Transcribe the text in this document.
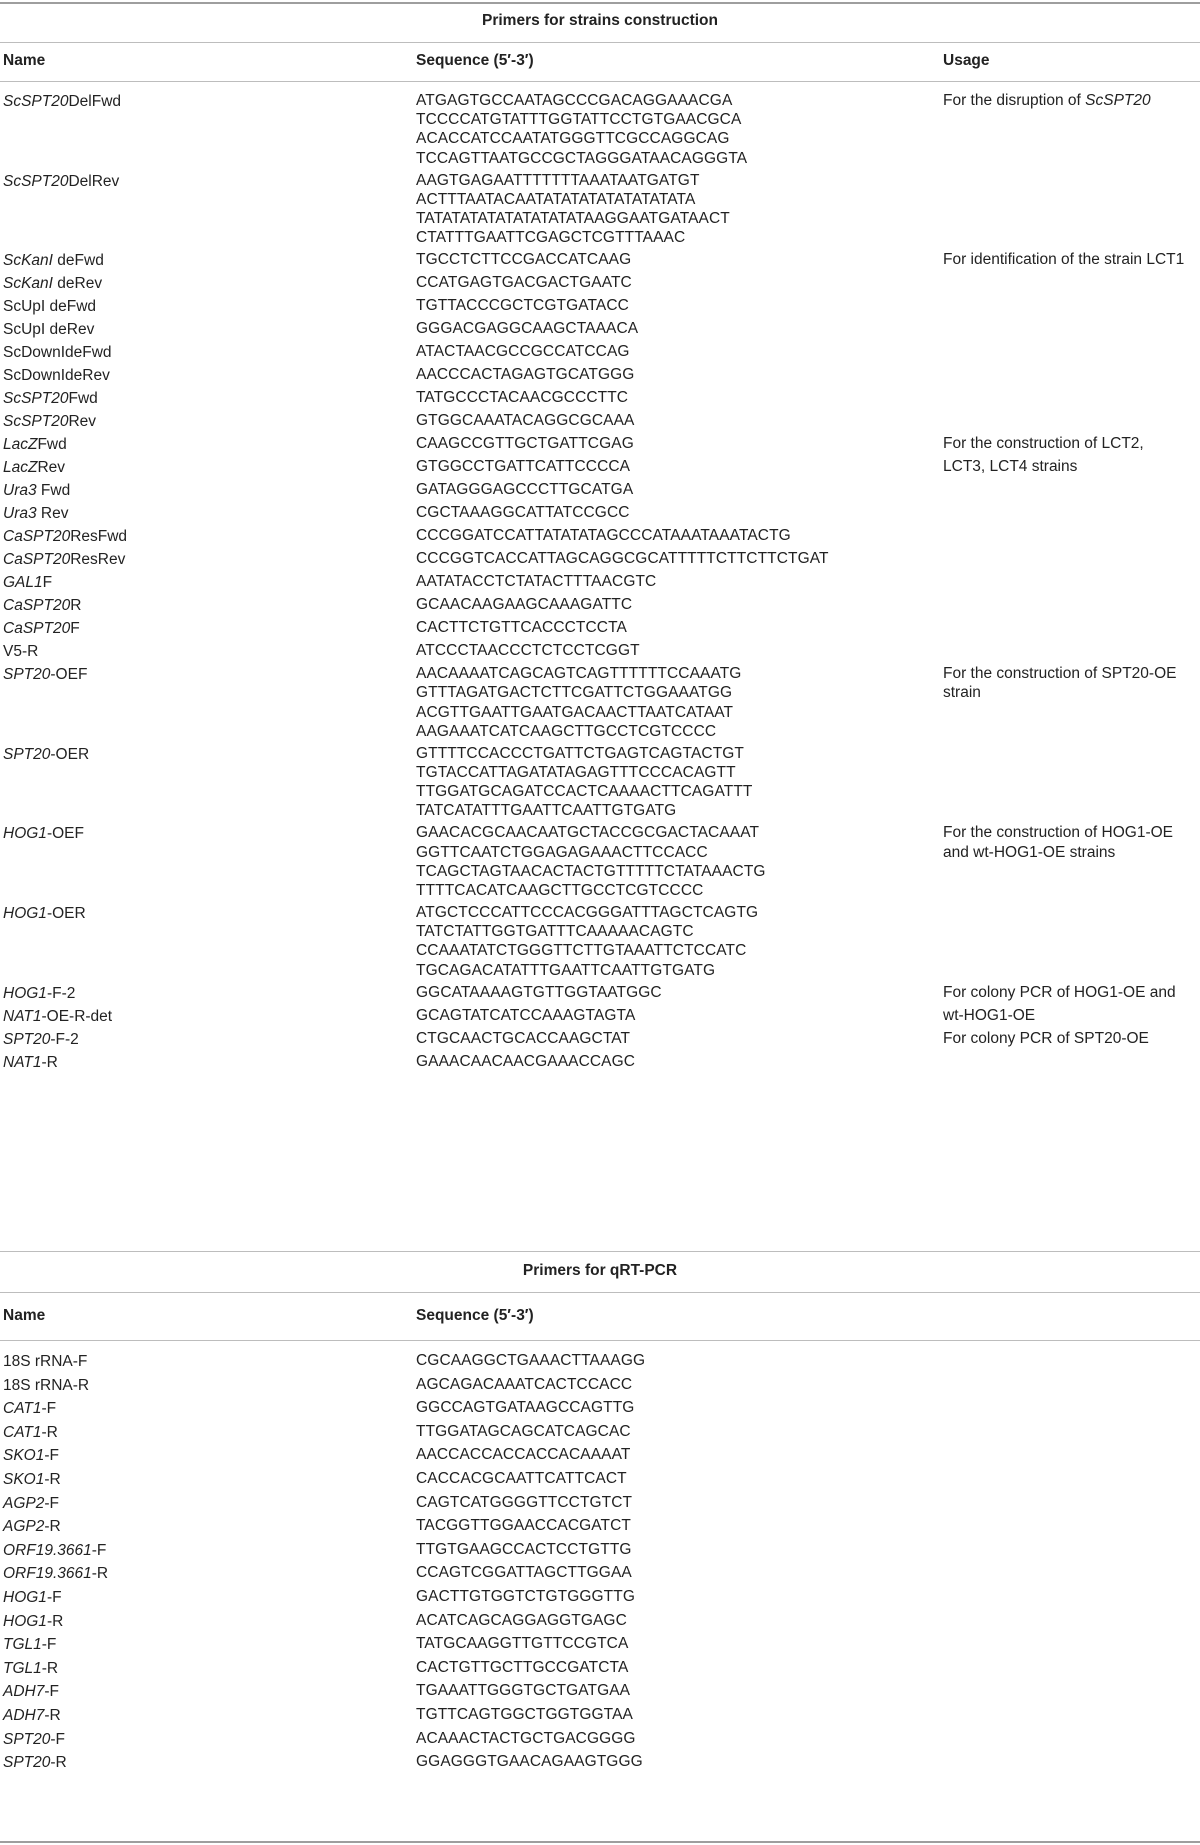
Primers for strains construction
Name	Sequence (5′-3′)	Usage
ScSPT20DelFwd	ATGAGTGCCAATAGCCCGACAGGAAACGA
TCCCCATGTATTTGGTATTCCTGTGAACGCA
ACACCATCCAATATGGGTTCGCCAGGCAG
TCCAGTTAATGCCGCTAGGGATAACAGGGTA
For the disruption of ScSPT20
ScSPT20DelRev	AAGTGAGAATTTTTTTAAATAATGATGT
ACTTTAATACAATATATATATATATATATA
TATATATATATATATATATAAGGAATGATAACT
CTATTTGAATTCGAGCTCGTTTAAAC
ScKanI deFwd	TGCCTCTTCCGACCATCAAG	For identification of the strain LCT1
ScKanI deRev	CCATGAGTGACGACTGAATC
ScUpI deFwd	TGTTACCCGCTCGTGATACC
ScUpI deRev	GGGACGAGGCAAGCTAAACA
ScDownIdeFwd	ATACTAACGCCGCCATCCAG
ScDownIdeRev	AACCCACTAGAGTGCATGGG
ScSPT20Fwd	TATGCCCTACAACGCCCTTC
ScSPT20Rev	GTGGCAAATACAGGCGCAAA
LacZFwd	CAAGCCGTTGCTGATTCGAG	For the construction of LCT2,
LacZRev	GTGGCCTGATTCATTCCCCA	LCT3, LCT4 strains
Ura3 Fwd	GATAGGGAGCCCTTGCATGA
Ura3 Rev	CGCTAAAGGCATTATCCGCC
CaSPT20ResFwd	CCCGGATCCATTATATATAGCCCATAAATAAATACTG
CaSPT20ResRev	CCCGGTCACCATTAGCAGGCGCATTTTTCTTCTTCTGAT
GAL1F	AATATACCTCTATACTTTAACGTC
CaSPT20R	GCAACAAGAAGCAAAGATTC
CaSPT20F	CACTTCTGTTCACCCTCCTA
V5-R	ATCCCTAACCCTCTCCTCGGT
SPT20-OEF	AACAAAATCAGCAGTCAGTTTTTTCCAAATG
GTTTAGATGACTCTTCGATTCTGGAAATGG
ACGTTGAATTGAATGACAACTTAATCATAAT
AAGAAATCATCAAGCTTGCCTCGTCCCC
For the construction of SPT20-OE
strain
SPT20-OER	GTTTTCCACCCTGATTCTGAGTCAGTACTGT
TGTACCATTAGATATAGAGTTTCCCACAGTT
TTGGATGCAGATCCACTCAAAACTTCAGATTT
TATCATATTTGAATTCAATTGTGATG
HOG1-OEF	GAACACGCAACAATGCTACCGCGACTACAAAT
GGTTCAATCTGGAGAGAAACTTCCACC
TCAGCTAGTAACACTACTGTTTTTCTATAAACTG
TTTTCACATCAAGCTTGCCTCGTCCCC
For the construction of HOG1-OE
and wt-HOG1-OE strains
HOG1-OER	ATGCTCCCATTCCCACGGGATTTAGCTCAGTG
TATCTATTGGTGATTTCAAAAACAGTC
CCAAATATCTGGGTTCTTGTAAATTCTCCATC
TGCAGACATATTTGAATTCAATTGTGATG
HOG1-F-2	GGCATAAAAGTGTTGGTAATGGC	For colony PCR of HOG1-OE and
NAT1-OE-R-det	GCAGTATCATCCAAAGTAGTA	wt-HOG1-OE
SPT20-F-2	CTGCAACTGCACCAAGCTAT	For colony PCR of SPT20-OE
NAT1-R	GAAACAACAACGAAACCAGC
Primers for qRT-PCR
Name	Sequence (5′-3′)
18S rRNA-F	CGCAAGGCTGAAACTTAAAGG
18S rRNA-R	AGCAGACAAATCACTCCACC
CAT1-F	GGCCAGTGATAAGCCAGTTG
CAT1-R	TTGGATAGCAGCATCAGCAC
SKO1-F	AACCACCACCACCACAAAAT
SKO1-R	CACCACGCAATTCATTCACT
AGP2-F	CAGTCATGGGGTTCCTGTCT
AGP2-R	TACGGTTGGAACCACGATCT
ORF19.3661-F	TTGTGAAGCCACTCCTGTTG
ORF19.3661-R	CCAGTCGGATTAGCTTGGAA
HOG1-F	GACTTGTGGTCTGTGGGTTG
HOG1-R	ACATCAGCAGGAGGTGAGC
TGL1-F	TATGCAAGGTTGTTCCGTCA
TGL1-R	CACTGTTGCTTGCCGATCTA
ADH7-F	TGAAATTGGGTGCTGATGAA
ADH7-R	TGTTCAGTGGCTGGTGGTAA
SPT20-F	ACAAACTACTGCTGACGGGG
SPT20-R	GGAGGGTGAACAGAAGTGGG
